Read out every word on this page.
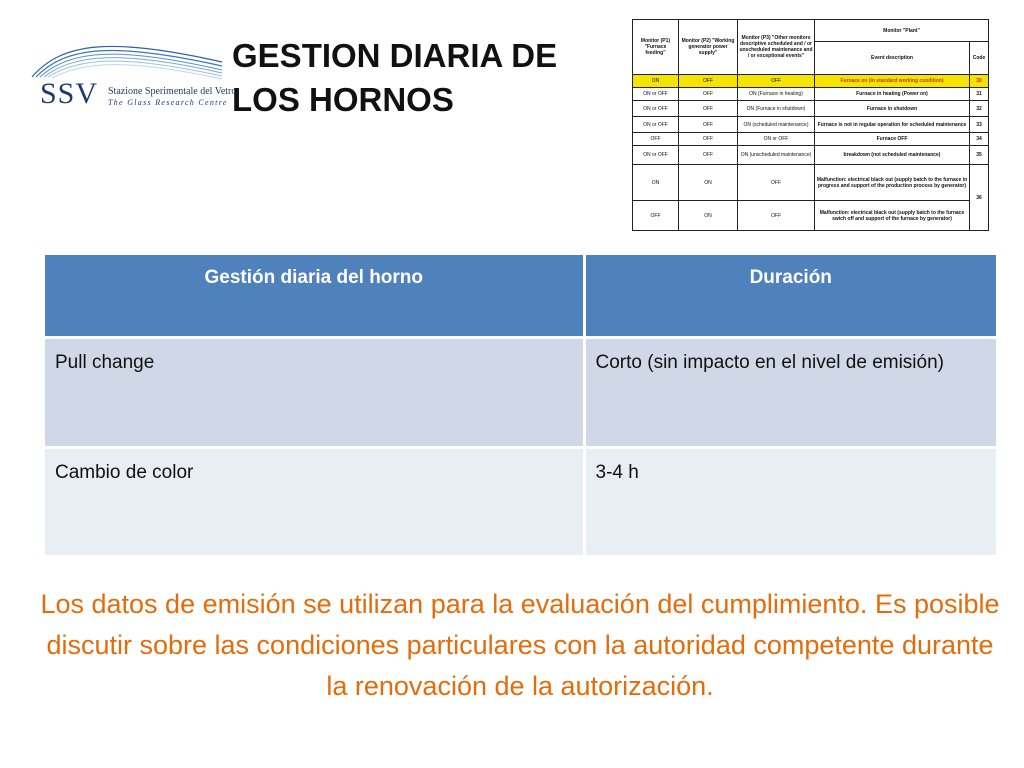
SSV Stazione Sperimentale del Vetro
The Glass Research Centre
GESTION DIARIA DE LOS HORNOS
Monitor (P1) "Furnace feeding"	Monitor (P2) "Working generator power supply"	Monitor (P3) "Other monitors descriptive scheduled and / or unscheduled maintenance and / or exceptional events"	Monitor "Plant"	
			Event description	Code
ON	OFF	OFF	Furnace on (in standard working condition)	30
ON or OFF	OFF	ON (Furnace in heating)	Furnace in heating (Power on)	31
ON or OFF	OFF	ON (Furnace in shutdown)	Furnace in shutdown	32
ON or OFF	OFF	ON (scheduled maintenance)	Furnace is not in regular operation for scheduled maintenance	33
OFF	OFF	ON or OFF	Furnace OFF	34
ON or OFF	OFF	ON (unscheduled maintenance)	breakdown (not scheduled maintenance)	35
ON	ON	OFF	Malfunction: electrical black out (supply batch to the furnace in progress and support of the production process by generator)	36
OFF	ON	OFF	Malfunction: electrical black out (supply batch to the furnace swich off and support of the furnace by generator)	
Gestión diaria del horno	Duración
Pull change	Corto (sin impacto en el nivel de emisión)
Cambio de color	3-4 h
Los datos de emisión se utilizan para la evaluación del cumplimiento. Es posible discutir sobre las condiciones particulares con la autoridad competente durante la renovación de la autorización.
